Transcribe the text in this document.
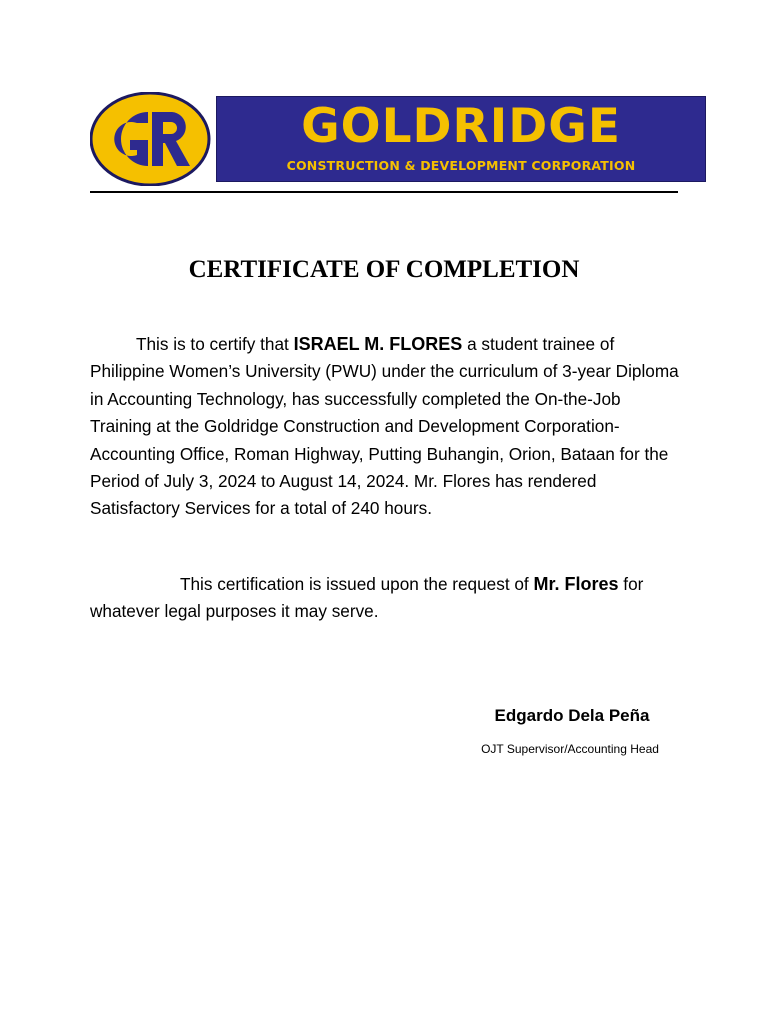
GOLDRIDGE
CONSTRUCTION & DEVELOPMENT CORPORATION
CERTIFICATE OF COMPLETION

This is to certify that ISRAEL M. FLORES a student trainee of Philippine Women’s University (PWU) under the curriculum of 3-year Diploma in Accounting Technology, has successfully completed the On-the-Job Training at the Goldridge Construction and Development Corporation-Accounting Office, Roman Highway, Putting Buhangin, Orion, Bataan for the Period of July 3, 2024 to August 14, 2024. Mr. Flores has rendered Satisfactory Services for a total of 240 hours.

This certification is issued upon the request of Mr. Flores for whatever legal purposes it may serve.

Edgardo Dela Peña
OJT Supervisor/Accounting Head
